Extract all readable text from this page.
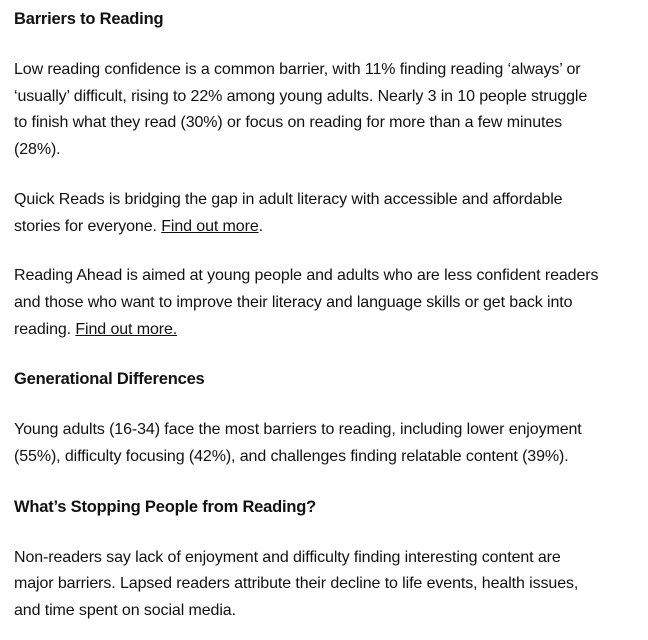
Barriers to Reading

Low reading confidence is a common barrier, with 11% finding reading ‘always’ or
‘usually’ difficult, rising to 22% among young adults. Nearly 3 in 10 people struggle
to finish what they read (30%) or focus on reading for more than a few minutes
(28%).

Quick Reads is bridging the gap in adult literacy with accessible and affordable
stories for everyone. Find out more.

Reading Ahead is aimed at young people and adults who are less confident readers
and those who want to improve their literacy and language skills or get back into
reading. Find out more.

Generational Differences

Young adults (16-34) face the most barriers to reading, including lower enjoyment
(55%), difficulty focusing (42%), and challenges finding relatable content (39%).

What’s Stopping People from Reading?

Non-readers say lack of enjoyment and difficulty finding interesting content are
major barriers. Lapsed readers attribute their decline to life events, health issues,
and time spent on social media.
